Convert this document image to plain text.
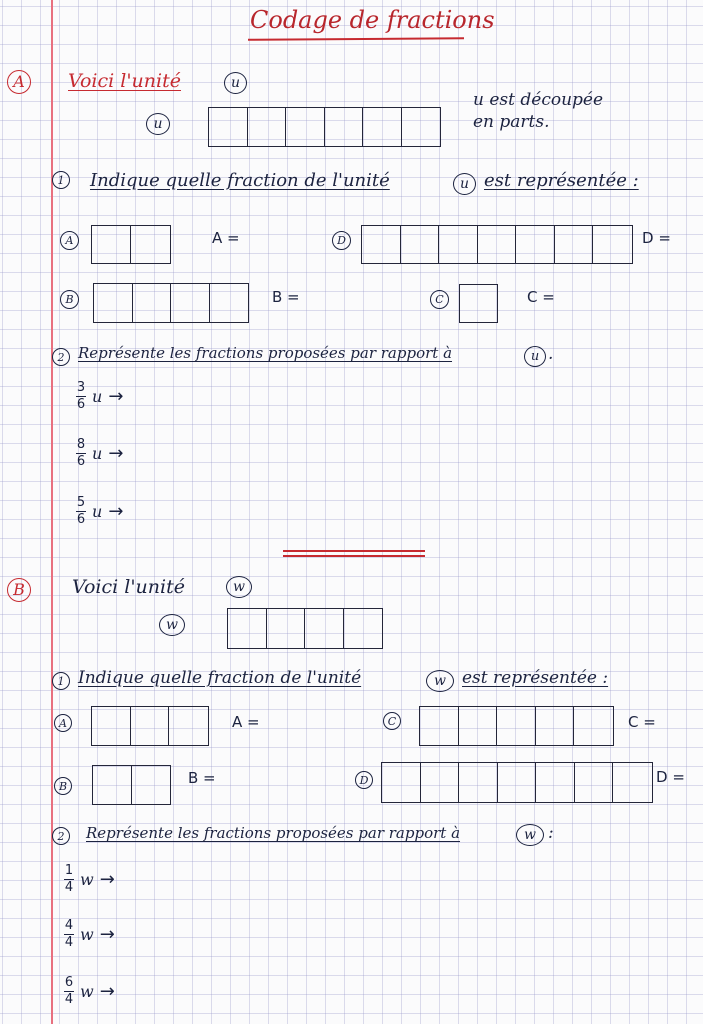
Codage de fractions
A	Voici l'unité	u
u
u est découpée
en parts.
1	Indique quelle fraction de l'unité	u est représentée :
A	A =	D	D =
B	B =	C	C =
2 Représente les fractions proposées par rapport à	u .
3
6 u →
8
6 u →
5
6 u →
B	Voici l'unité	w
w
1 Indique quelle fraction de l'unité	w est représentée :
A	A =	C	C =
B	B =	D	D =
2	Représente les fractions proposées par rapport à	w :
1
4 w →
4
4 w →
6
4 w →
